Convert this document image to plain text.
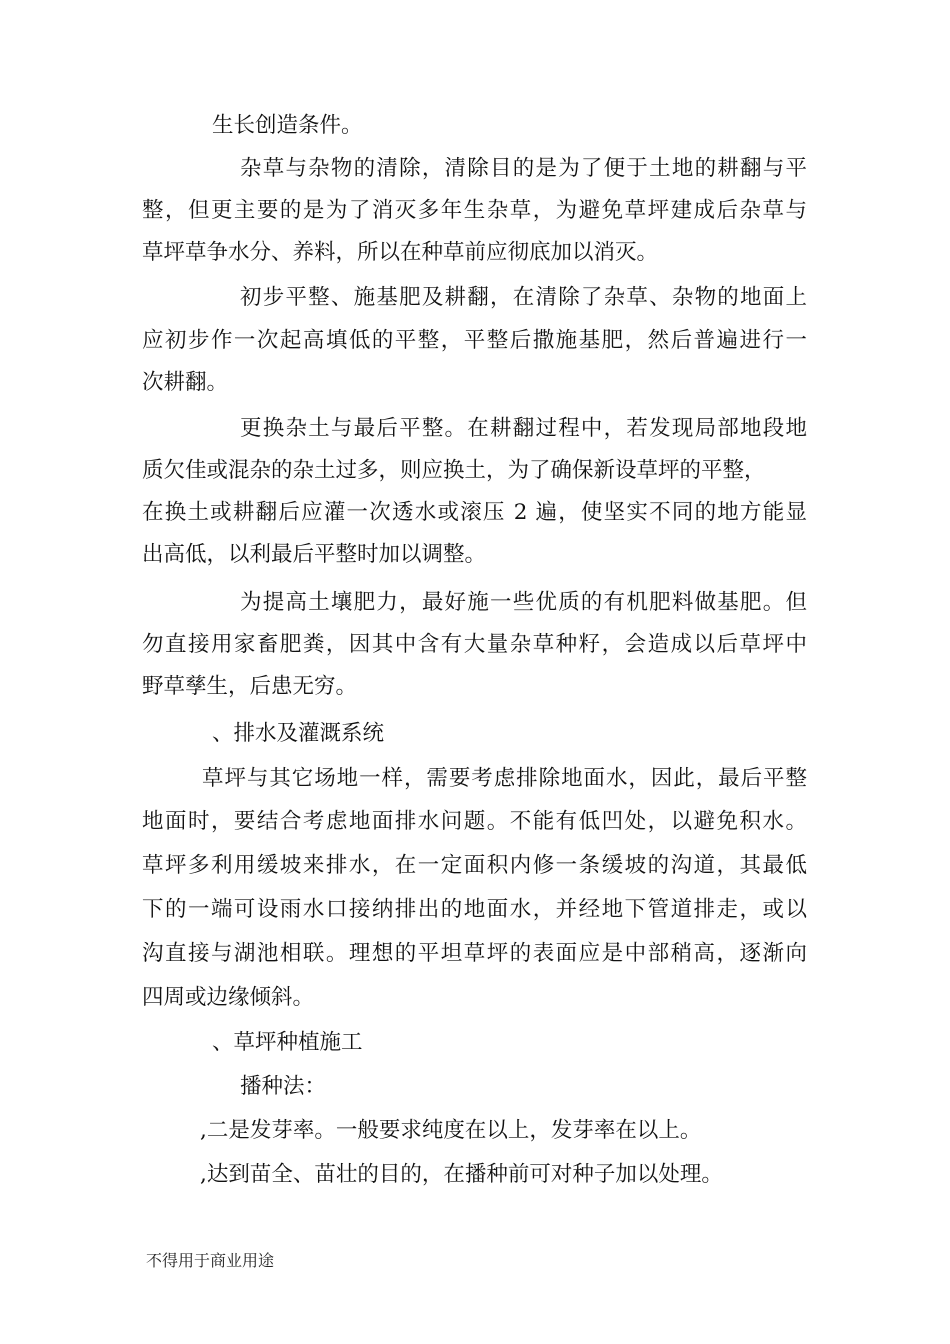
生长创造条件。
杂草与杂物的清除，清除目的是为了便于土地的耕翻与平
整，但更主要的是为了消灭多年生杂草，为避免草坪建成后杂草与
草坪草争水分、养料，所以在种草前应彻底加以消灭。
初步平整、施基肥及耕翻，在清除了杂草、杂物的地面上
应初步作一次起高填低的平整，平整后撒施基肥，然后普遍进行一
次耕翻。
更换杂土与最后平整。在耕翻过程中，若发现局部地段地
质欠佳或混杂的杂土过多，则应换土，为了确保新设草坪的平整，
在换土或耕翻后应灌一次透水或滚压 2 遍，使坚实不同的地方能显
出高低，以利最后平整时加以调整。
为提高土壤肥力，最好施一些优质的有机肥料做基肥。但
勿直接用家畜肥粪，因其中含有大量杂草种籽，会造成以后草坪中
野草孳生，后患无穷。
、排水及灌溉系统
草坪与其它场地一样，需要考虑排除地面水，因此，最后平整
地面时，要结合考虑地面排水问题。不能有低凹处，以避免积水。
草坪多利用缓坡来排水，在一定面积内修一条缓坡的沟道，其最低
下的一端可设雨水口接纳排出的地面水，并经地下管道排走，或以
沟直接与湖池相联。理想的平坦草坪的表面应是中部稍高，逐渐向
四周或边缘倾斜。
、草坪种植施工
播种法：
,二是发芽率。一般要求纯度在以上，发芽率在以上。
,达到苗全、苗壮的目的，在播种前可对种子加以处理。
不得用于商业用途
